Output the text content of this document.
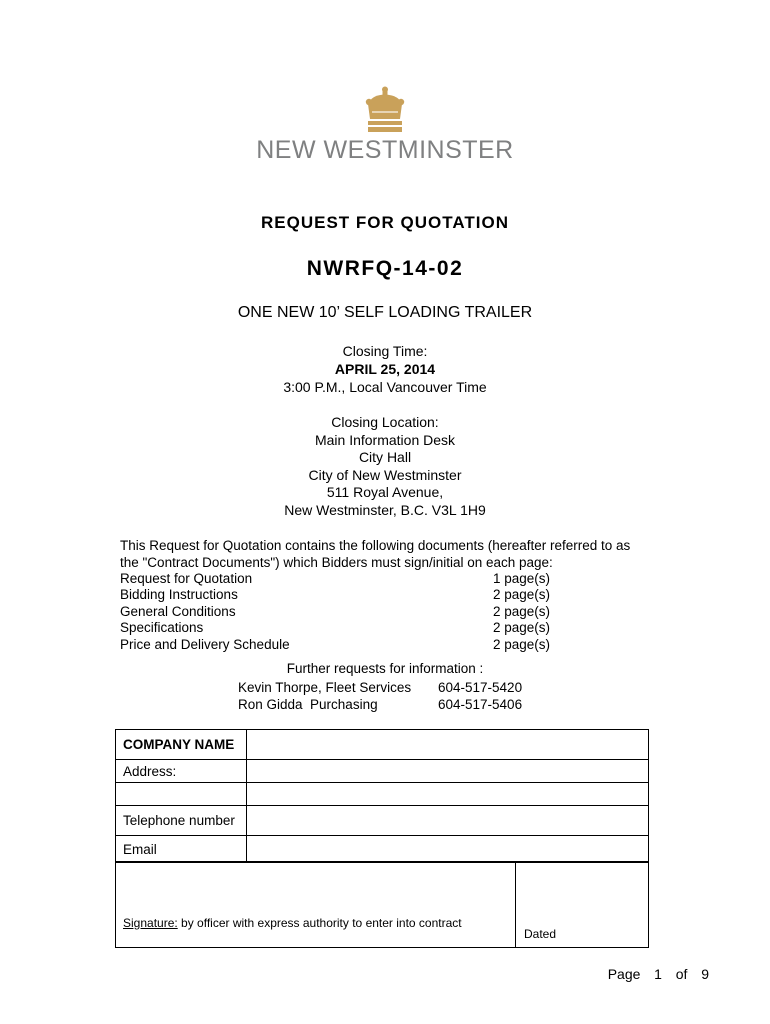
NEW WESTMINSTER
REQUEST FOR QUOTATION
NWRFQ-14-02
ONE NEW 10’ SELF LOADING TRAILER
Closing Time:
APRIL 25, 2014
3:00 P.M., Local Vancouver Time
Closing Location:
Main Information Desk
City Hall
City of New Westminster
511 Royal Avenue,
New Westminster, B.C. V3L 1H9
This Request for Quotation contains the following documents (hereafter referred to as the "Contract Documents") which Bidders must sign/initial on each page:
Request for Quotation	1 page(s)
Bidding Instructions	2 page(s)
General Conditions	2 page(s)
Specifications	2 page(s)
Price and Delivery Schedule	2 page(s)
Further requests for information :
Kevin Thorpe, Fleet Services	604-517-5420
Ron Gidda  Purchasing	604-517-5406
COMPANY NAME	
Address:	

Telephone number	
Email	
Signature: by officer with express authority to enter into contract	Dated
Page  1  of  9
